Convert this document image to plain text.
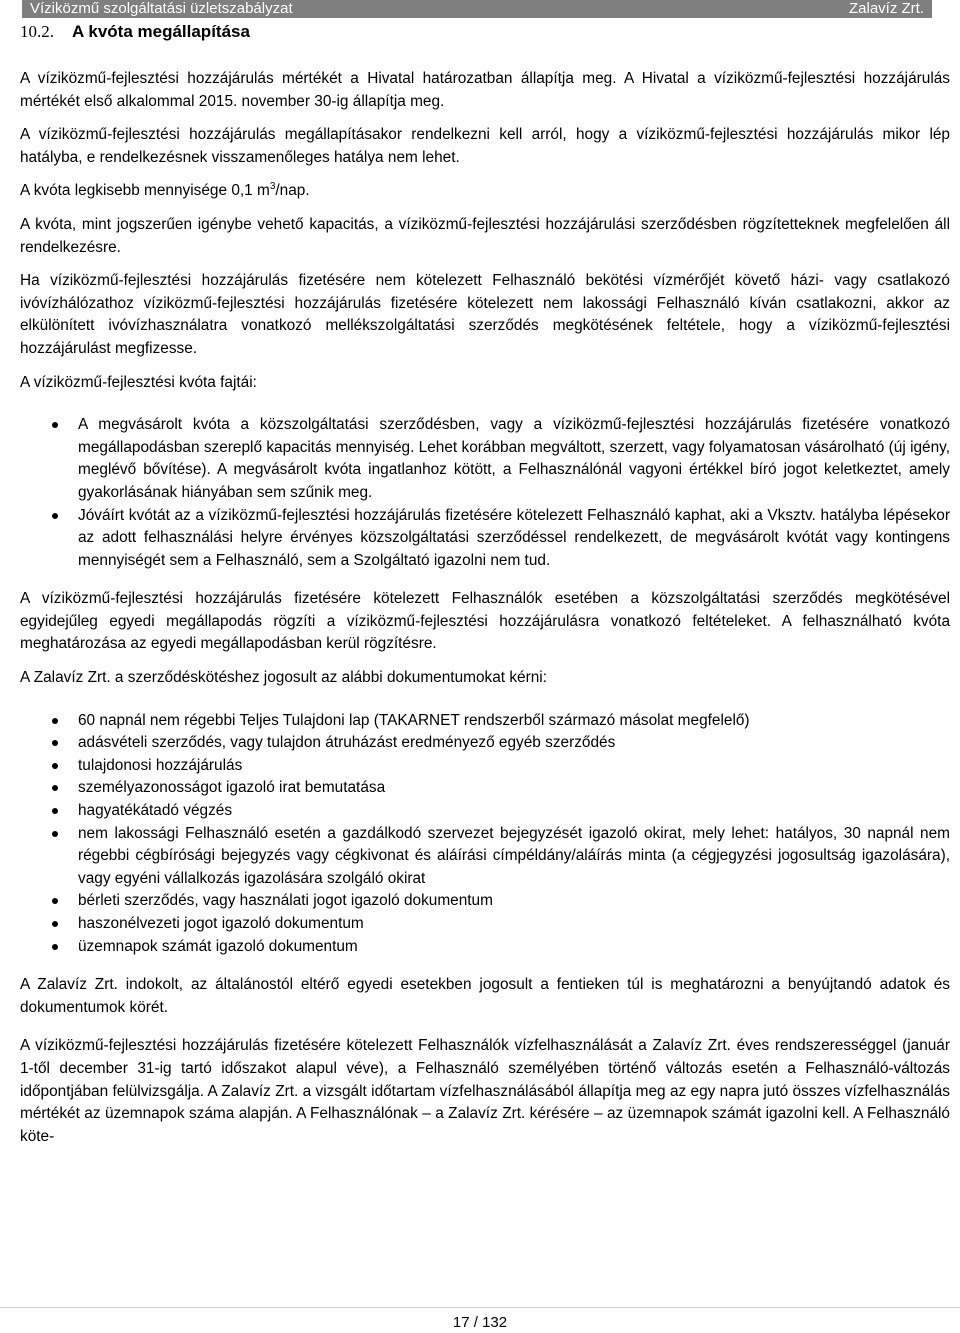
Víziközmű szolgáltatási üzletszabályzat	Zalavíz Zrt.
10.2. A kvóta megállapítása

A víziközmű-fejlesztési hozzájárulás mértékét a Hivatal határozatban állapítja meg. A Hivatal a víziközmű-fejlesztési hozzájárulás mértékét első alkalommal 2015. november 30-ig állapítja meg.

A víziközmű-fejlesztési hozzájárulás megállapításakor rendelkezni kell arról, hogy a víziközmű-fejlesztési hozzájárulás mikor lép hatályba, e rendelkezésnek visszamenőleges hatálya nem lehet.

A kvóta legkisebb mennyisége 0,1 $m^3$/nap.

A kvóta, mint jogszerűen igénybe vehető kapacitás, a víziközmű-fejlesztési hozzájárulási szerződésben rögzítetteknek megfelelően áll rendelkezésre.

Ha víziközmű-fejlesztési hozzájárulás fizetésére nem kötelezett Felhasználó bekötési vízmérőjét követő házi- vagy csatlakozó ivóvízhálózathoz víziközmű-fejlesztési hozzájárulás fizetésére kötelezett nem lakossági Felhasználó kíván csatlakozni, akkor az elkülönített ivóvízhasználatra vonatkozó mellékszolgáltatási szerződés megkötésének feltétele, hogy a víziközmű-fejlesztési hozzájárulást megfizesse.

A víziközmű-fejlesztési kvóta fajtái:

A megvásárolt kvóta a közszolgáltatási szerződésben, vagy a víziközmű-fejlesztési hozzájárulás fizetésére vonatkozó megállapodásban szereplő kapacitás mennyiség. Lehet korábban megváltott, szerzett, vagy folyamatosan vásárolható (új igény, meglévő bővítése). A megvásárolt kvóta ingatlanhoz kötött, a Felhasználónál vagyoni értékkel bíró jogot keletkeztet, amely gyakorlásának hiányában sem szűnik meg.
Jóváírt kvótát az a víziközmű-fejlesztési hozzájárulás fizetésére kötelezett Felhasználó kaphat, aki a Vksztv. hatályba lépésekor az adott felhasználási helyre érvényes közszolgáltatási szerződéssel rendelkezett, de megvásárolt kvótát vagy kontingens mennyiségét sem a Felhasználó, sem a Szolgáltató igazolni nem tud.

A víziközmű-fejlesztési hozzájárulás fizetésére kötelezett Felhasználók esetében a közszolgáltatási szerződés megkötésével egyidejűleg egyedi megállapodás rögzíti a víziközmű-fejlesztési hozzájárulásra vonatkozó feltételeket. A felhasználható kvóta meghatározása az egyedi megállapodásban kerül rögzítésre.

A Zalavíz Zrt. a szerződéskötéshez jogosult az alábbi dokumentumokat kérni:

60 napnál nem régebbi Teljes Tulajdoni lap (TAKARNET rendszerből származó másolat megfelelő)
adásvételi szerződés, vagy tulajdon átruházást eredményező egyéb szerződés
tulajdonosi hozzájárulás
személyazonosságot igazoló irat bemutatása
hagyatékátadó végzés
nem lakossági Felhasználó esetén a gazdálkodó szervezet bejegyzését igazoló okirat, mely lehet: hatályos, 30 napnál nem régebbi cégbírósági bejegyzés vagy cégkivonat és aláírási címpéldány/aláírás minta (a cégjegyzési jogosultság igazolására), vagy egyéni vállalkozás igazolására szolgáló okirat
bérleti szerződés, vagy használati jogot igazoló dokumentum
haszonélvezeti jogot igazoló dokumentum
üzemnapok számát igazoló dokumentum

A Zalavíz Zrt. indokolt, az általánostól eltérő egyedi esetekben jogosult a fentieken túl is meghatározni a benyújtandó adatok és dokumentumok körét.

A víziközmű-fejlesztési hozzájárulás fizetésére kötelezett Felhasználók vízfelhasználását a Zalavíz Zrt. éves rendszerességgel (január 1-től december 31-ig tartó időszakot alapul véve), a Felhasználó személyében történő változás esetén a Felhasználó-változás időpontjában felülvizsgálja. A Zalavíz Zrt. a vizsgált időtartam vízfelhasználásából állapítja meg az egy napra jutó összes vízfelhasználás mértékét az üzemnapok száma alapján. A Felhasználónak – a Zalavíz Zrt. kérésére – az üzemnapok számát igazolni kell. A Felhasználó köte-

17 / 132
